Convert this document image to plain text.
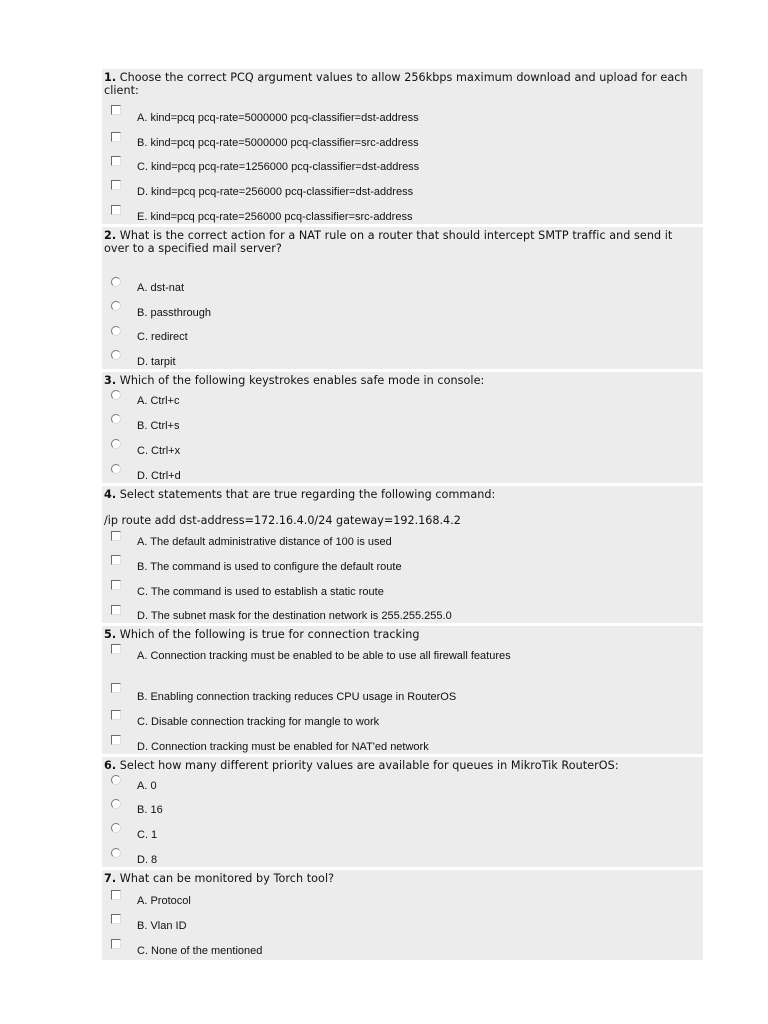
1. Choose the correct PCQ argument values to allow 256kbps maximum download and upload for each client:
A. kind=pcq pcq-rate=5000000 pcq-classifier=dst-address
B. kind=pcq pcq-rate=5000000 pcq-classifier=src-address
C. kind=pcq pcq-rate=1256000 pcq-classifier=dst-address
D. kind=pcq pcq-rate=256000 pcq-classifier=dst-address
E. kind=pcq pcq-rate=256000 pcq-classifier=src-address
2. What is the correct action for a NAT rule on a router that should intercept SMTP traffic and send it over to a specified mail server?
A. dst-nat
B. passthrough
C. redirect
D. tarpit
3. Which of the following keystrokes enables safe mode in console:
A. Ctrl+c
B. Ctrl+s
C. Ctrl+x
D. Ctrl+d
4. Select statements that are true regarding the following command:
/ip route add dst-address=172.16.4.0/24 gateway=192.168.4.2
A. The default administrative distance of 100 is used
B. The command is used to configure the default route
C. The command is used to establish a static route
D. The subnet mask for the destination network is 255.255.255.0
5. Which of the following is true for connection tracking
A. Connection tracking must be enabled to be able to use all firewall features
B. Enabling connection tracking reduces CPU usage in RouterOS
C. Disable connection tracking for mangle to work
D. Connection tracking must be enabled for NAT'ed network
6. Select how many different priority values are available for queues in MikroTik RouterOS:
A. 0
B. 16
C. 1
D. 8
7. What can be monitored by Torch tool?
A. Protocol
B. Vlan ID
C. None of the mentioned
